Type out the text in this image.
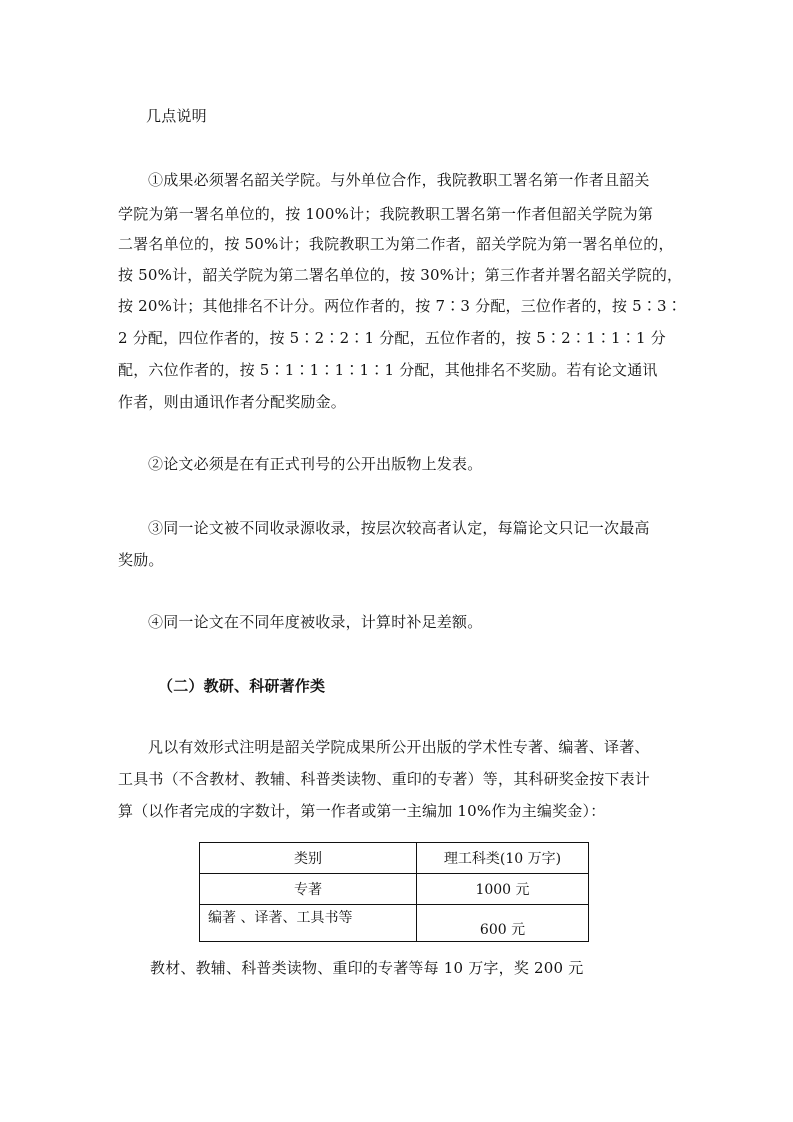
几点说明
①成果必须署名韶关学院。与外单位合作，我院教职工署名第一作者且韶关
学院为第一署名单位的，按 100%计；我院教职工署名第一作者但韶关学院为第
二署名单位的，按 50%计；我院教职工为第二作者，韶关学院为第一署名单位的，
按 50%计，韶关学院为第二署名单位的，按 30%计；第三作者并署名韶关学院的，
按 20%计；其他排名不计分。两位作者的，按 7∶3 分配，三位作者的，按 5∶3∶
2 分配，四位作者的，按 5∶2∶2∶1 分配，五位作者的，按 5∶2∶1∶1∶1 分
配，六位作者的，按 5∶1∶1∶1∶1∶1 分配，其他排名不奖励。若有论文通讯
作者，则由通讯作者分配奖励金。
②论文必须是在有正式刊号的公开出版物上发表。
③同一论文被不同收录源收录，按层次较高者认定，每篇论文只记一次最高
奖励。
④同一论文在不同年度被收录，计算时补足差额。
（二）教研、科研著作类
凡以有效形式注明是韶关学院成果所公开出版的学术性专著、编著、译著、
工具书（不含教材、教辅、科普类读物、重印的专著）等，其科研奖金按下表计
算（以作者完成的字数计，第一作者或第一主编加 10%作为主编奖金）：
类别	理工科类(10 万字)
专著	1000 元
编著 、译著、工具书等	600 元
教材、教辅、科普类读物、重印的专著等每 10 万字，奖 200 元
